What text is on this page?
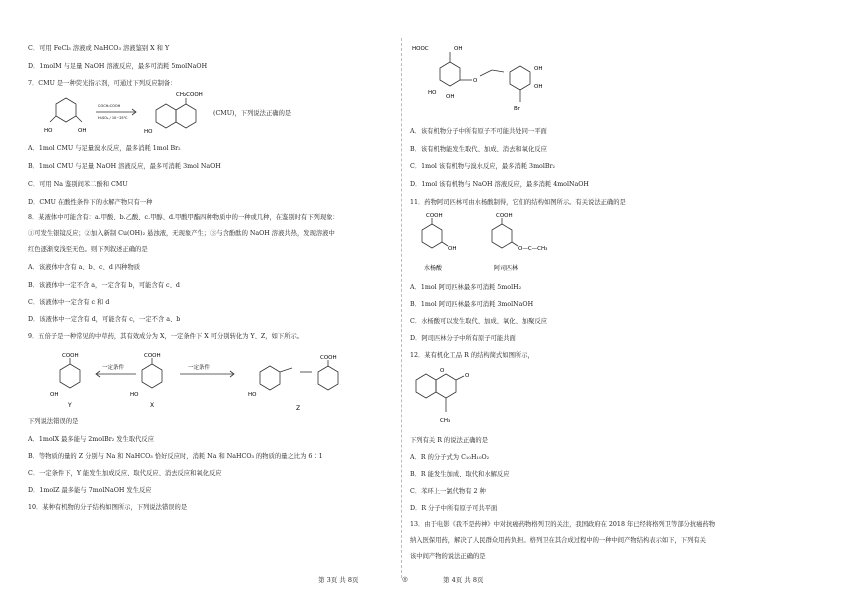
C．可用 FeCl₃ 溶液或 NaHCO₃ 溶液鉴别 X 和 Y
D．1molM 与足量 NaOH 溶液反应，最多可消耗 5molNaOH
7．CMU 是一种荧光指示剂，可通过下列反应制备：
HO	OH
COCH₂COOH
H₂SO₄ / 10~25℃
CH₂COOH
HO
(CMU)，下列说法正确的是
A．1mol CMU 与足量溴水反应，最多消耗 1mol Br₂
B．1mol CMU 与足量 NaOH 溶液反应，最多可消耗 3mol NaOH
C．可用 Na 鉴别间苯二酚和 CMU
D．CMU 在酸性条件下的水解产物只有一种
8．某液体中可能含有：a.甲酸、b.乙酸、c.甲醇、d.甲酸甲酯四种物质中的一种或几种，在鉴别时有下列现象：
①可发生银镜反应；②加入新制 Cu(OH)₂ 悬浊液，无现象产生；③与含酚酞的 NaOH 溶液共热，发现溶液中
红色逐渐变浅至无色。则下列叙述正确的是
A．该液体中含有 a、b、c、d 四种物质
B．该液体中一定不含 a，一定含有 b，可能含有 c、d
C．该液体中一定含有 c 和 d
D．该液体中一定含有 d，可能含有 c，一定不含 a、b
9．五倍子是一种常见的中草药，其有效成分为 X，一定条件下 X 可分别转化为 Y、Z，如下所示。
COOH	COOH	COOH
OH	HO	HO
一定条件	一定条件
Y	X	Z
下列说法错误的是
A．1molX 最多能与 2molBr₂ 发生取代反应
B．等物质的量的 Z 分别与 Na 和 NaHCO₃ 恰好反应时，消耗 Na 和 NaHCO₃ 的物质的量之比为 6∶1
C．一定条件下，Y 能发生加成反应、取代反应、消去反应和氧化反应
D．1molZ 最多能与 7molNaOH 发生反应
10．某种有机物的分子结构如图所示，下列说法错误的是
HOOC	OH
HO
OH
O
OH
OH
Br
A．该有机物分子中所有原子不可能共处同一平面
B．该有机物能发生取代、加成、消去和氧化反应
C．1mol 该有机物与溴水反应，最多消耗 3molBr₂
D．1mol 该有机物与 NaOH 溶液反应，最多消耗 4molNaOH
11．药物阿司匹林可由水杨酸制得，它们的结构如图所示。有关说法正确的是
COOH
OH
COOH
O—C—CH₃
水杨酸	阿司匹林
A．1mol 阿司匹林最多可消耗 5molH₂
B．1mol 阿司匹林最多可消耗 3molNaOH
C．水杨酸可以发生取代、加成、氧化、加聚反应
D．阿司匹林分子中所有原子可能共面
12．某有机化工品 R 的结构简式如图所示，
O
O
CH₃
下列有关 R 的说法正确的是
A．R 的分子式为 C₁₀H₁₀O₂
B．R 能发生加成、取代和水解反应
C．苯环上一氯代物有 2 种
D．R 分子中所有原子可共平面
13．由于电影《我不是药神》中对抗癌药物格列卫的关注，我国政府在 2018 年已经将格列卫等部分抗癌药物
纳入医保用药，解决了人民群众用药负担。格列卫在其合成过程中的一种中间产物结构表示如下，下列有关
该中间产物的说法正确的是
第 3页 共 8页	◎	第 4页 共 8页
